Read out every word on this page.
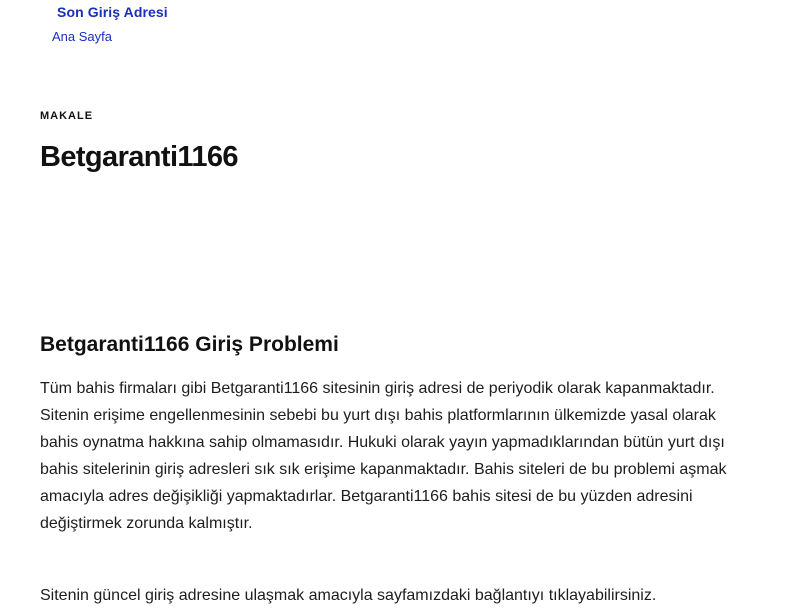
Son Giriş Adresi
Ana Sayfa
MAKALE
Betgaranti1166
Betgaranti1166 Giriş Problemi

Tüm bahis firmaları gibi Betgaranti1166 sitesinin giriş adresi de periyodik olarak kapanmaktadır. Sitenin erişime engellenmesinin sebebi bu yurt dışı bahis platformlarının ülkemizde yasal olarak bahis oynatma hakkına sahip olmamasıdır. Hukuki olarak yayın yapmadıklarından bütün yurt dışı bahis sitelerinin giriş adresleri sık sık erişime kapanmaktadır. Bahis siteleri de bu problemi aşmak amacıyla adres değişikliği yapmaktadırlar. Betgaranti1166 bahis sitesi de bu yüzden adresini değiştirmek zorunda kalmıştır.

Sitenin güncel giriş adresine ulaşmak amacıyla sayfamızdaki bağlantıyı tıklayabilirsiniz.
